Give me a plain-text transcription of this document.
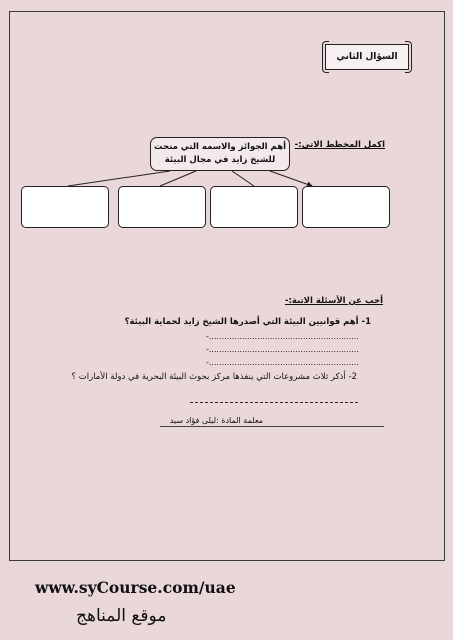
السؤال الثاني
اكمل المخطط الاتى:-
أهم الجوائز والاسمه التي منحت
للشيخ زايد في مجال البيئة
أجب عن الأسئلة الاتية:-
1- أهم قوانيين البيئة التي أصدرها الشيخ زايد لحماية البيئة؟
-...........................................................
-...........................................................
-...........................................................
2- أذكر ثلاث مشروعات التي ينفذها مركز بحوث البيئة البحرية في دولة الأمارات ؟
معلمة المادة :ليلى فؤاد سيد
www.syCourse.com/uae
موقع المناهج
